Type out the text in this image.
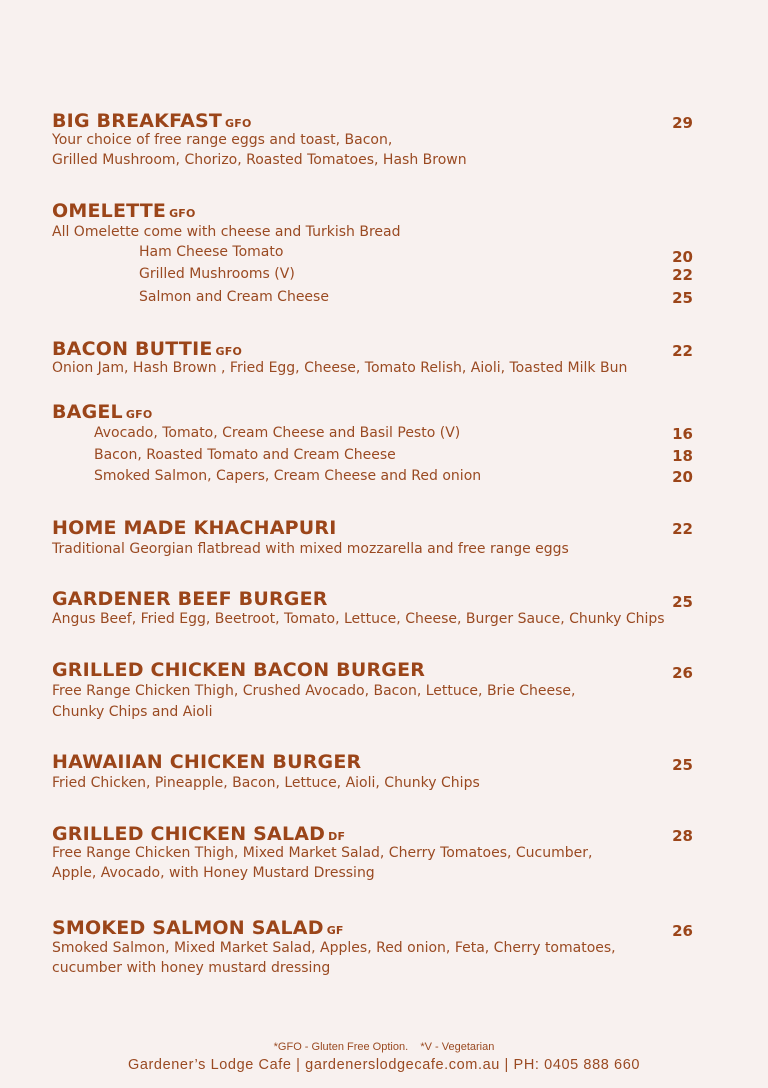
BIG BREAKFAST GFO	29
Your choice of free range eggs and toast, Bacon,
Grilled Mushroom, Chorizo, Roasted Tomatoes, Hash Brown
OMELETTE GFO
All Omelette come with cheese and Turkish Bread
Ham Cheese Tomato	20
Grilled Mushrooms (V)	22
Salmon and Cream Cheese	25
BACON BUTTIE GFO	22
Onion Jam, Hash Brown , Fried Egg, Cheese, Tomato Relish, Aioli, Toasted Milk Bun
BAGEL GFO
Avocado, Tomato, Cream Cheese and Basil Pesto (V)	16
Bacon, Roasted Tomato and Cream Cheese	18
Smoked Salmon, Capers, Cream Cheese and Red onion	20
HOME MADE KHACHAPURI	22
Traditional Georgian flatbread with mixed mozzarella and free range eggs
GARDENER BEEF BURGER	25
Angus Beef, Fried Egg, Beetroot, Tomato, Lettuce, Cheese, Burger Sauce, Chunky Chips
GRILLED CHICKEN BACON BURGER	26
Free Range Chicken Thigh, Crushed Avocado, Bacon, Lettuce, Brie Cheese,
Chunky Chips and Aioli
HAWAIIAN CHICKEN BURGER	25
Fried Chicken, Pineapple, Bacon, Lettuce, Aioli, Chunky Chips
GRILLED CHICKEN SALAD DF	28
Free Range Chicken Thigh, Mixed Market Salad, Cherry Tomatoes, Cucumber,
Apple, Avocado, with Honey Mustard Dressing
SMOKED SALMON SALAD GF	26
Smoked Salmon, Mixed Market Salad, Apples, Red onion, Feta, Cherry tomatoes,
cucumber with honey mustard dressing
*GFO - Gluten Free Option.    *V - Vegetarian
Gardener’s Lodge Cafe | gardenerslodgecafe.com.au | PH: 0405 888 660
